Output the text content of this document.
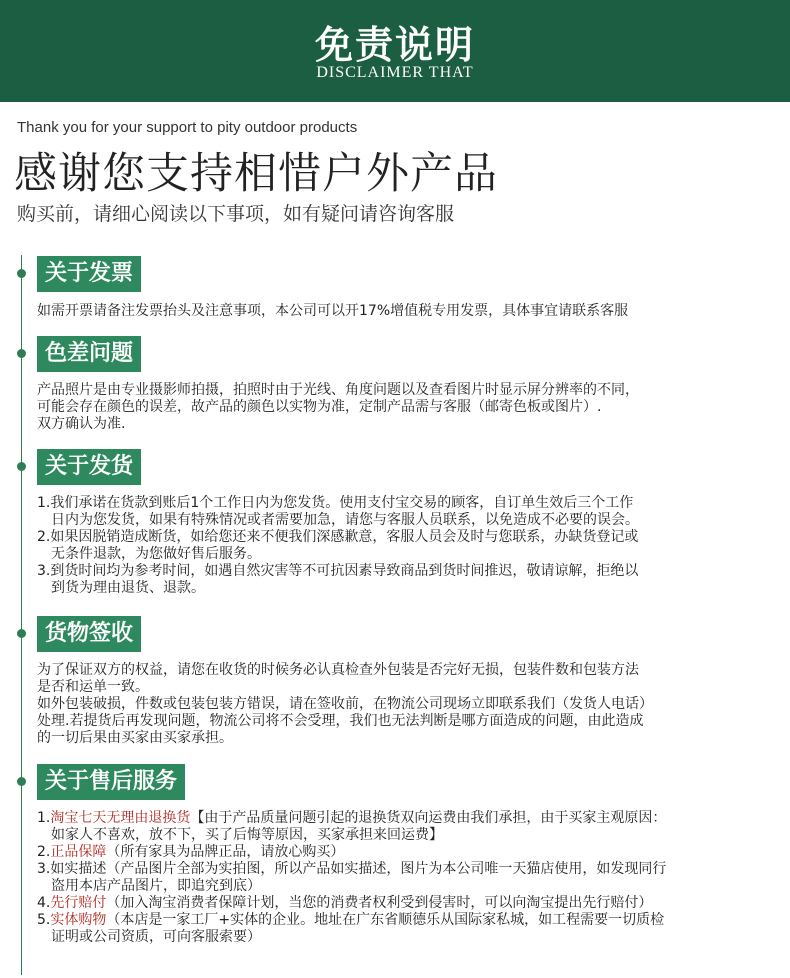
免责说明
DISCLAIMER THAT
Thank you for your support to pity outdoor products
感谢您支持相惜户外产品
购买前，请细心阅读以下事项，如有疑问请咨询客服
关于发票
如需开票请备注发票抬头及注意事项，本公司可以开17%增值税专用发票，具体事宜请联系客服
色差问题
产品照片是由专业摄影师拍摄，拍照时由于光线、角度问题以及查看图片时显示屏分辨率的不同，
可能会存在颜色的误差，故产品的颜色以实物为准，定制产品需与客服（邮寄色板或图片）.
双方确认为准.
关于发货
1.我们承诺在货款到账后1个工作日内为您发货。使用支付宝交易的顾客，自订单生效后三个工作
日内为您发货，如果有特殊情况或者需要加急，请您与客服人员联系，以免造成不必要的误会。
2.如果因脱销造成断货，如给您还来不便我们深感歉意，客服人员会及时与您联系，办缺货登记或
无条件退款，为您做好售后服务。
3.到货时间均为参考时间，如遇自然灾害等不可抗因素导致商品到货时间推迟，敬请谅解，拒绝以
到货为理由退货、退款。
货物签收
为了保证双方的权益，请您在收货的时候务必认真检查外包装是否完好无损，包装件数和包装方法
是否和运单一致。
如外包装破损，件数或包装包装方错误，请在签收前，在物流公司现场立即联系我们（发货人电话）
处理.若提货后再发现问题，物流公司将不会受理，我们也无法判断是哪方面造成的问题，由此造成
的一切后果由买家由买家承担。
关于售后服务
1.淘宝七天无理由退换货【由于产品质量问题引起的退换货双向运费由我们承担，由于买家主观原因：
如家人不喜欢，放不下，买了后悔等原因，买家承担来回运费】
2.正品保障（所有家具为品牌正品，请放心购买）
3.如实描述（产品图片全部为实拍图，所以产品如实描述，图片为本公司唯一天猫店使用，如发现同行
盗用本店产品图片，即追究到底）
4.先行赔付（加入淘宝消费者保障计划，当您的消费者权利受到侵害时，可以向淘宝提出先行赔付）
5.实体购物（本店是一家工厂+实体的企业。地址在广东省顺德乐从国际家私城，如工程需要一切质检
证明或公司资质，可向客服索要）
